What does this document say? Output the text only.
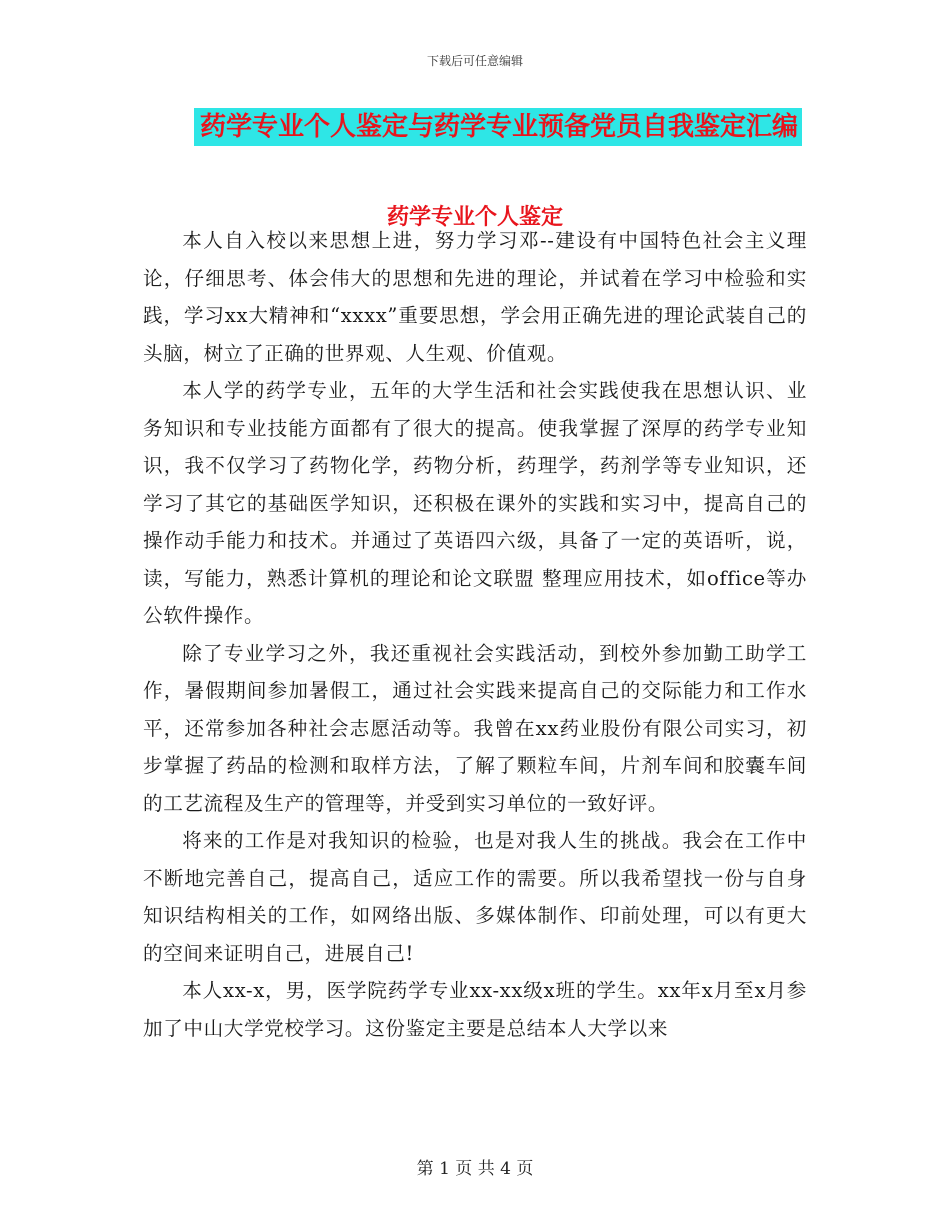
下载后可任意编辑
药学专业个人鉴定与药学专业预备党员自我鉴定汇编
药学专业个人鉴定

本人自入校以来思想上进，努力学习邓--建设有中国特色社会主义理论，仔细思考、体会伟大的思想和先进的理论，并试着在学习中检验和实践，学习xx大精神和“xxxx”重要思想，学会用正确先进的理论武装自己的头脑，树立了正确的世界观、人生观、价值观。

本人学的药学专业，五年的大学生活和社会实践使我在思想认识、业务知识和专业技能方面都有了很大的提高。使我掌握了深厚的药学专业知识，我不仅学习了药物化学，药物分析，药理学，药剂学等专业知识，还学习了其它的基础医学知识，还积极在课外的实践和实习中，提高自己的操作动手能力和技术。并通过了英语四六级，具备了一定的英语听，说，读，写能力，熟悉计算机的理论和论文联盟 整理应用技术，如office等办公软件操作。

除了专业学习之外，我还重视社会实践活动，到校外参加勤工助学工作，暑假期间参加暑假工，通过社会实践来提高自己的交际能力和工作水平，还常参加各种社会志愿活动等。我曾在xx药业股份有限公司实习，初步掌握了药品的检测和取样方法，了解了颗粒车间，片剂车间和胶囊车间的工艺流程及生产的管理等，并受到实习单位的一致好评。

将来的工作是对我知识的检验，也是对我人生的挑战。我会在工作中不断地完善自己，提高自己，适应工作的需要。所以我希望找一份与自身知识结构相关的工作，如网络出版、多媒体制作、印前处理，可以有更大的空间来证明自己，进展自己!

本人xx-x，男，医学院药学专业xx-xx级x班的学生。xx年x月至x月参加了中山大学党校学习。这份鉴定主要是总结本人大学以来

第 1 页 共 4 页
